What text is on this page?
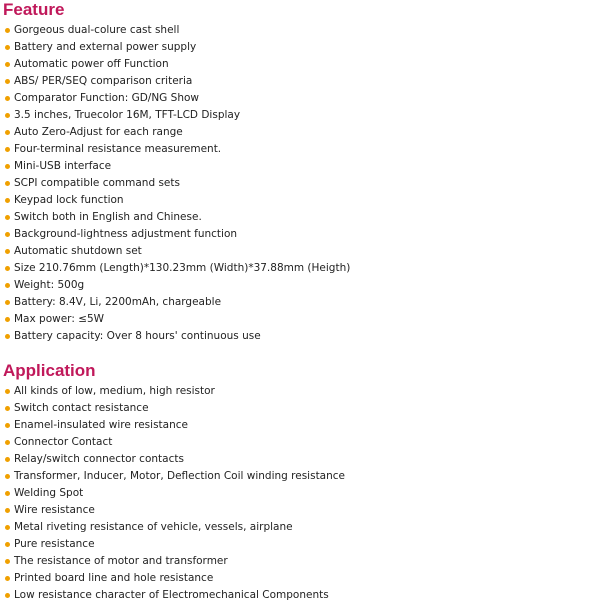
Feature
Gorgeous dual-colure cast shell
Battery and external power supply
Automatic power off Function
ABS/ PER/SEQ comparison criteria
Comparator Function: GD/NG Show
3.5 inches, Truecolor 16M, TFT-LCD Display
Auto Zero-Adjust for each range
Four-terminal resistance measurement.
Mini-USB interface
SCPI compatible command sets
Keypad lock function
Switch both in English and Chinese.
Background-lightness adjustment function
Automatic shutdown set
Size 210.76mm (Length)*130.23mm (Width)*37.88mm (Heigth)
Weight: 500g
Battery: 8.4V, Li, 2200mAh, chargeable
Max power: ≤5W
Battery capacity: Over 8 hours' continuous use
Application
All kinds of low, medium, high resistor
Switch contact resistance
Enamel-insulated wire resistance
Connector Contact
Relay/switch connector contacts
Transformer, Inducer, Motor, Deflection Coil winding resistance
Welding Spot
Wire resistance
Metal riveting resistance of vehicle, vessels, airplane
Pure resistance
The resistance of motor and transformer
Printed board line and hole resistance
Low resistance character of Electromechanical Components
